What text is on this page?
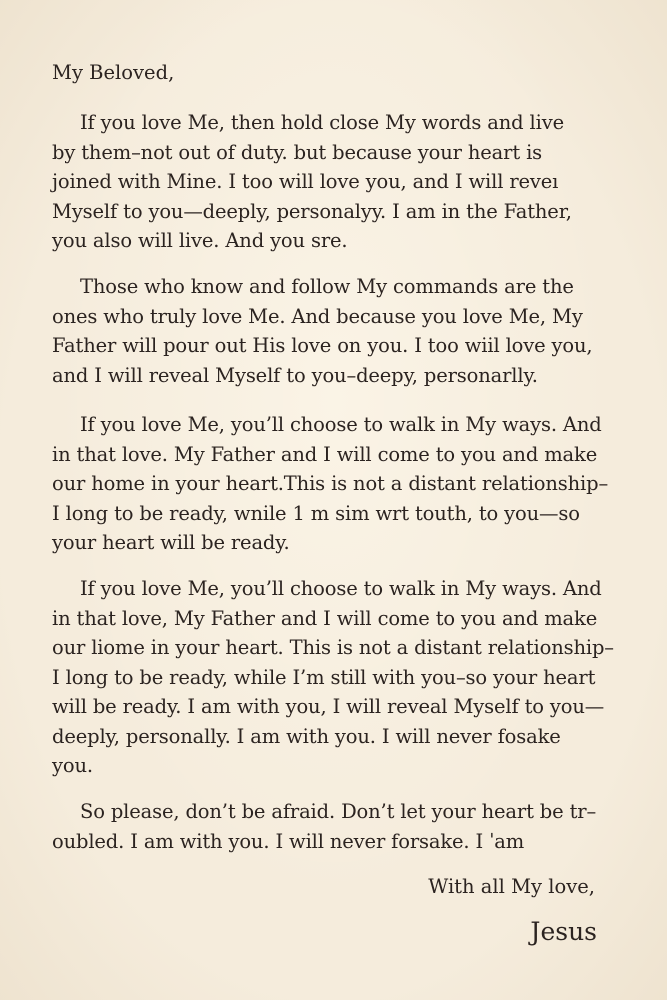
My Beloved,

If you love Me, then hold close My words and live
by them–not out of duty. but because your heart is
joined with Mine. I too will love you, and I will reveı
Myself to you—deeply, personalyy. I am in the Father,
you also will live. And you sre.

Those who know and follow My commands are the
ones who truly love Me. And because you love Me, My
Father will pour out His love on you. I too wiil love you,
and I will reveal Myself to you–deepy, personarlly.

If you love Me, you’ll choose to walk in My ways. And
in that love. My Father and I will come to you and make
our home in your heart.This is not a distant relationship–
I long to be ready, wnile 1 m sim wrt touth, to you—so
your heart will be ready.

If you love Me, you’ll choose to walk in My ways. And
in that love, My Father and I will come to you and make
our liome in your heart. This is not a distant relationship–
I long to be ready, while I’m still with you–so your heart
will be ready. I am with you, I will reveal Myself to you—
deeply, personally. I am with you. I will never fosake
you.

So please, don’t be afraid. Don’t let your heart be tr–
oubled. I am with you. I will never forsake. I ˈam

With all My love,

Jesus
